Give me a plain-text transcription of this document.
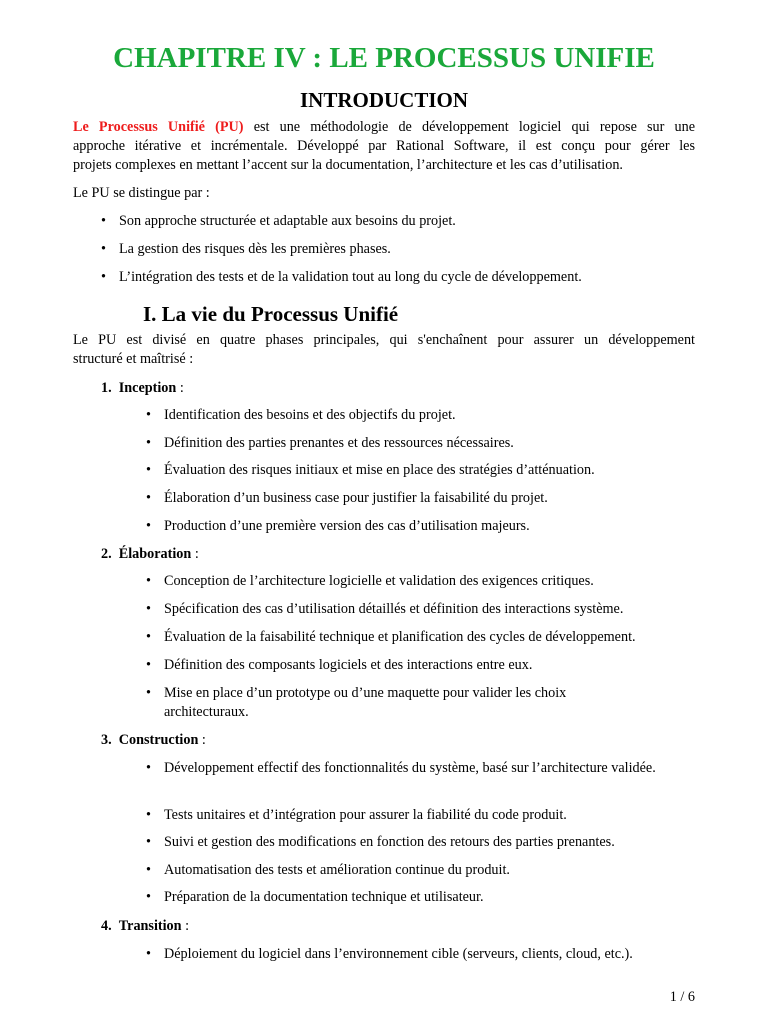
CHAPITRE IV : LE PROCESSUS UNIFIE
INTRODUCTION
Le Processus Unifié (PU) est une méthodologie de développement logiciel qui repose sur une
approche itérative et incrémentale. Développé par Rational Software, il est conçu pour gérer les
projets complexes en mettant l’accent sur la documentation, l’architecture et les cas d’utilisation.
Le PU se distingue par :
• Son approche structurée et adaptable aux besoins du projet.
• La gestion des risques dès les premières phases.
• L’intégration des tests et de la validation tout au long du cycle de développement.
I. La vie du Processus Unifié
Le PU est divisé en quatre phases principales, qui s'enchaînent pour assurer un développement
structuré et maîtrisé :
1. Inception :
• Identification des besoins et des objectifs du projet.
• Définition des parties prenantes et des ressources nécessaires.
• Évaluation des risques initiaux et mise en place des stratégies d’atténuation.
• Élaboration d’un business case pour justifier la faisabilité du projet.
• Production d’une première version des cas d’utilisation majeurs.
2. Élaboration :
• Conception de l’architecture logicielle et validation des exigences critiques.
• Spécification des cas d’utilisation détaillés et définition des interactions système.
• Évaluation de la faisabilité technique et planification des cycles de développement.
• Définition des composants logiciels et des interactions entre eux.
• Mise en place d’un prototype ou d’une maquette pour valider les choix architecturaux.
3. Construction :
• Développement effectif des fonctionnalités du système, basé sur l’architecture validée.
• Tests unitaires et d’intégration pour assurer la fiabilité du code produit.
• Suivi et gestion des modifications en fonction des retours des parties prenantes.
• Automatisation des tests et amélioration continue du produit.
• Préparation de la documentation technique et utilisateur.
4. Transition :
• Déploiement du logiciel dans l’environnement cible (serveurs, clients, cloud, etc.).
1 / 6
